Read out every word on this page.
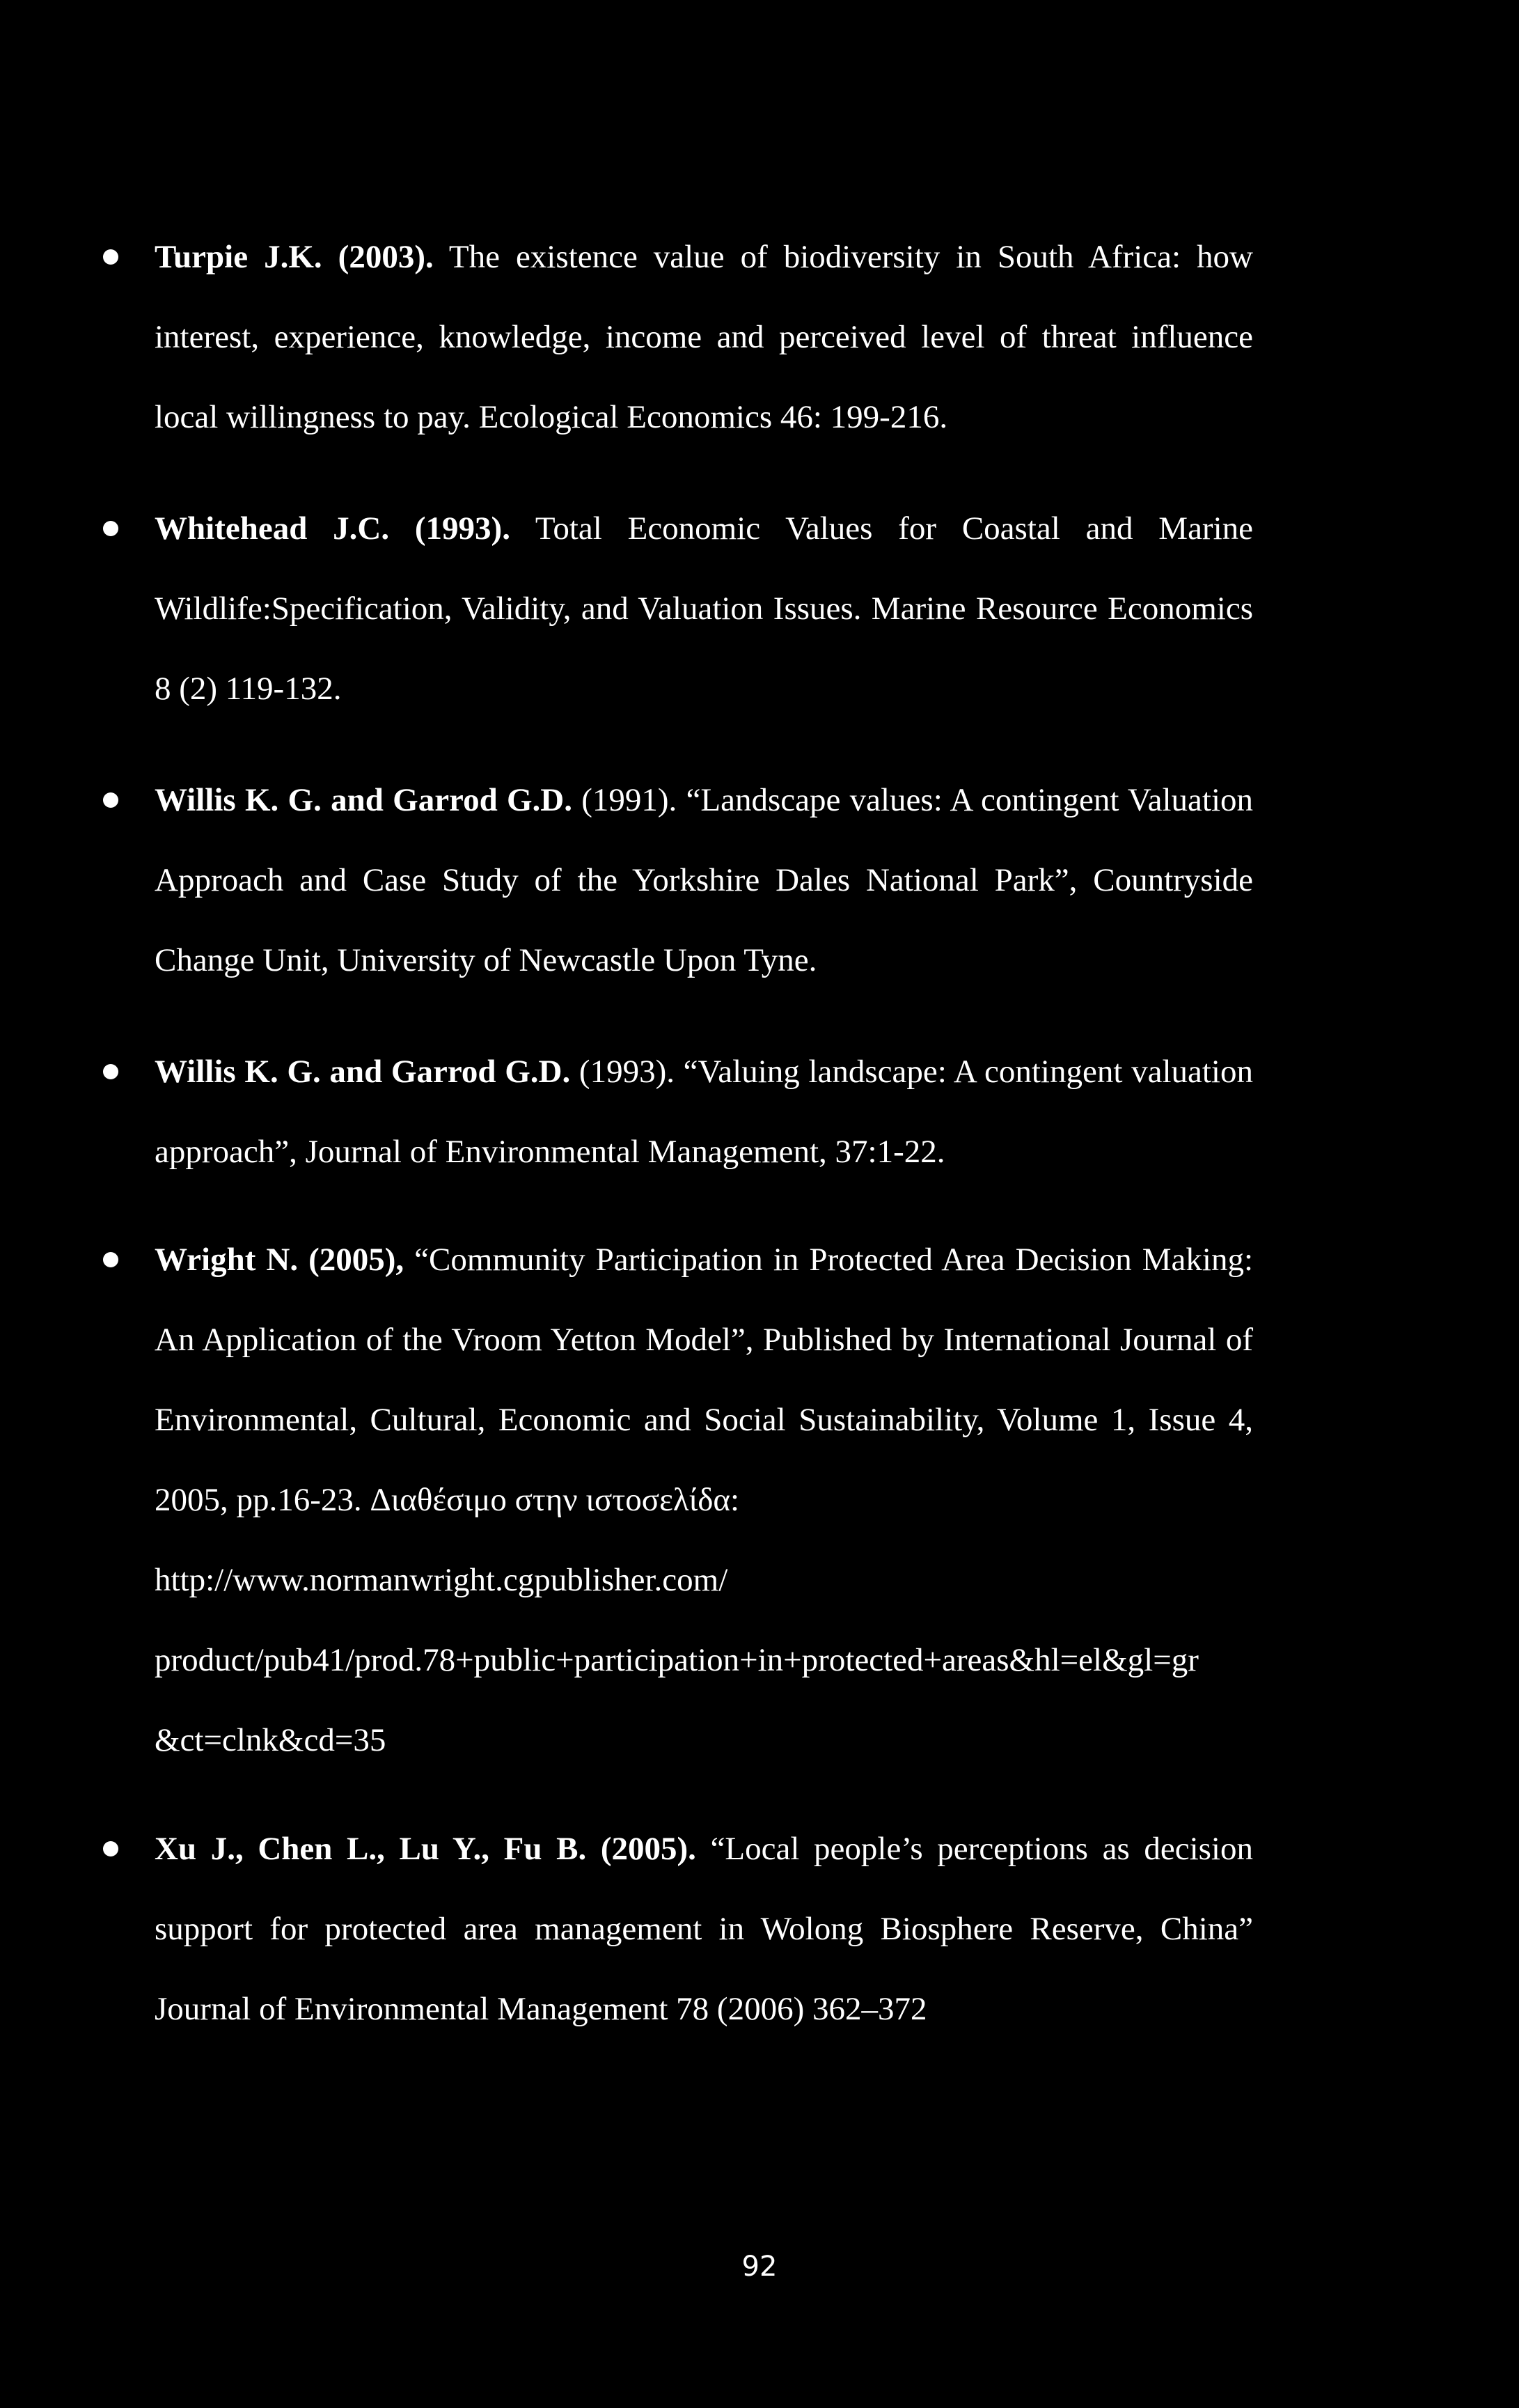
Turpie J.K. (2003). The existence value of biodiversity in South Africa: how interest, experience, knowledge, income and perceived level of threat influence local willingness to pay. Ecological Economics 46: 199-216.
Whitehead J.C. (1993). Total Economic Values for Coastal and Marine Wildlife:Specification, Validity, and Valuation Issues. Marine Resource Economics 8 (2) 119-132.
Willis K. G. and Garrod G.D. (1991). “Landscape values: A contingent Valuation Approach and Case Study of the Yorkshire Dales National Park”, Countryside Change Unit, University of Newcastle Upon Tyne.
Willis K. G. and Garrod G.D. (1993). “Valuing landscape: A contingent valuation approach”, Journal of Environmental Management, 37:1-22.
Wright N. (2005), “Community Participation in Protected Area Decision Making: An Application of the Vroom Yetton Model”, Published by International Journal of Environmental, Cultural, Economic and Social Sustainability, Volume 1, Issue 4, 2005, pp.16-23. Διαθέσιμο στην ιστοσελίδα:
http://www.normanwright.cgpublisher.com/
product/pub41/prod.78+public+participation+in+protected+areas&hl=el&gl=gr
&ct=clnk&cd=35
Xu J., Chen L., Lu Y., Fu B. (2005). “Local people’s perceptions as decision support for protected area management in Wolong Biosphere Reserve, China” Journal of Environmental Management 78 (2006) 362–372
92
